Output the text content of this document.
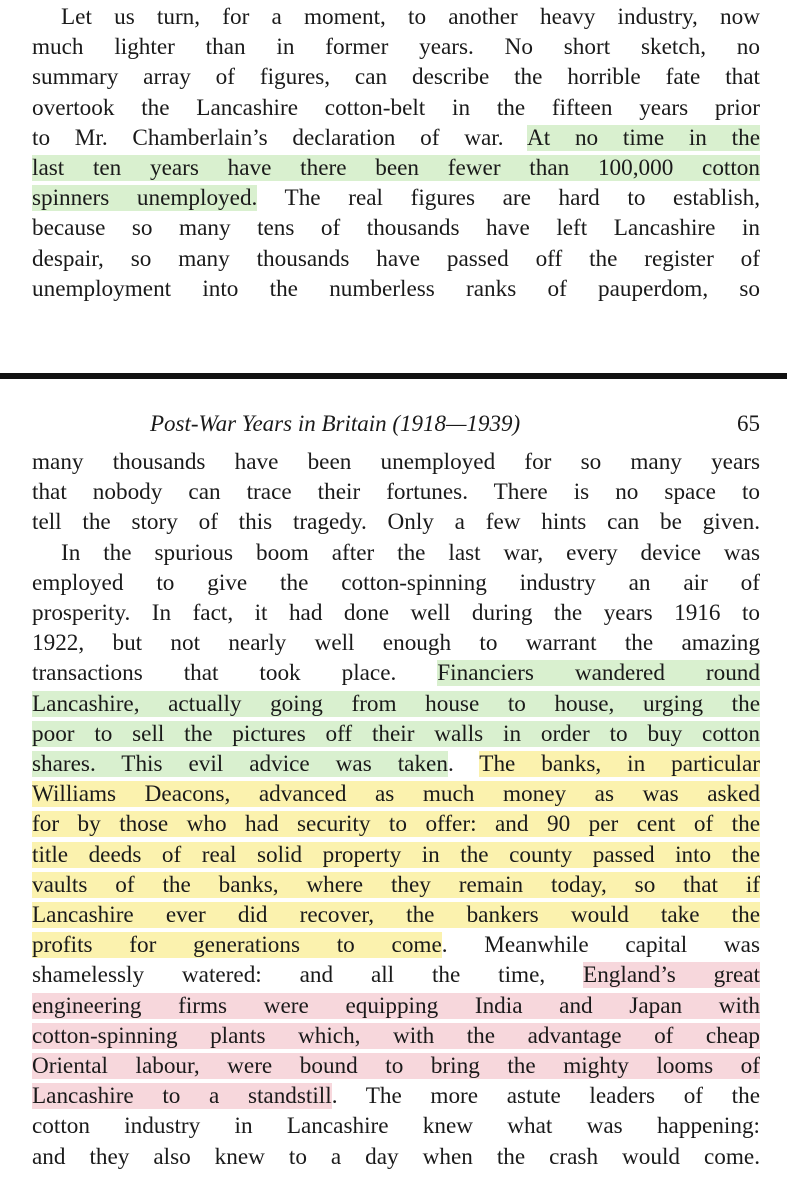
Let us turn, for a moment, to another heavy industry, now

much lighter than in former years. No short sketch, no

summary array of figures, can describe the horrible fate that

overtook the Lancashire cotton-belt in the fifteen years prior

to Mr. Chamberlain’s declaration of war. At no time in the

last ten years have there been fewer than 100,000 cotton

spinners unemployed. The real figures are hard to establish,

because so many tens of thousands have left Lancashire in

despair, so many thousands have passed off the register of

unemployment into the numberless ranks of pauperdom, so

Post-War Years in Britain (1918—1939)	65

many thousands have been unemployed for so many years

that nobody can trace their fortunes. There is no space to

tell the story of this tragedy. Only a few hints can be given.

In the spurious boom after the last war, every device was

employed to give the cotton-spinning industry an air of

prosperity. In fact, it had done well during the years 1916 to

1922, but not nearly well enough to warrant the amazing

transactions that took place. Financiers wandered round

Lancashire, actually going from house to house, urging the

poor to sell the pictures off their walls in order to buy cotton

shares. This evil advice was taken. The banks, in particular

Williams Deacons, advanced as much money as was asked

for by those who had security to offer: and 90 per cent of the

title deeds of real solid property in the county passed into the

vaults of the banks, where they remain today, so that if

Lancashire ever did recover, the bankers would take the

profits for generations to come. Meanwhile capital was

shamelessly watered: and all the time, England’s great

engineering firms were equipping India and Japan with

cotton-spinning plants which, with the advantage of cheap

Oriental labour, were bound to bring the mighty looms of

Lancashire to a standstill. The more astute leaders of the

cotton industry in Lancashire knew what was happening:

and they also knew to a day when the crash would come.
